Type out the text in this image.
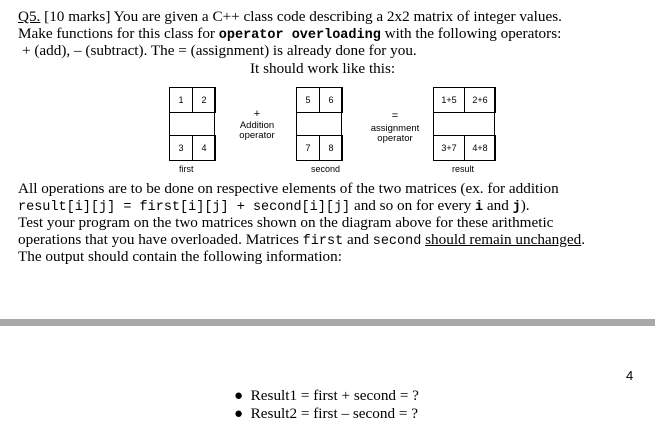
Q5. [10 marks] You are given a C++ class code describing a 2x2 matrix of integer values.
Make functions for this class for operator overloading with the following operators:
+ (add), – (subtract). The = (assignment) is already done for you.
It should work like this:
1	2

3	4
+
Addition
operator
5	6

7	8
=
assignment
operator
1+5	2+6

3+7	4+8
first	second	result
All operations are to be done on respective elements of the two matrices (ex. for addition
result[i][j] = first[i][j] + second[i][j] and so on for every i and j).
Test your program on the two matrices shown on the diagram above for these arithmetic
operations that you have overloaded. Matrices first and second should remain unchanged.
The output should contain the following information:
4
● Result1 = first + second = ?
● Result2 = first – second = ?
